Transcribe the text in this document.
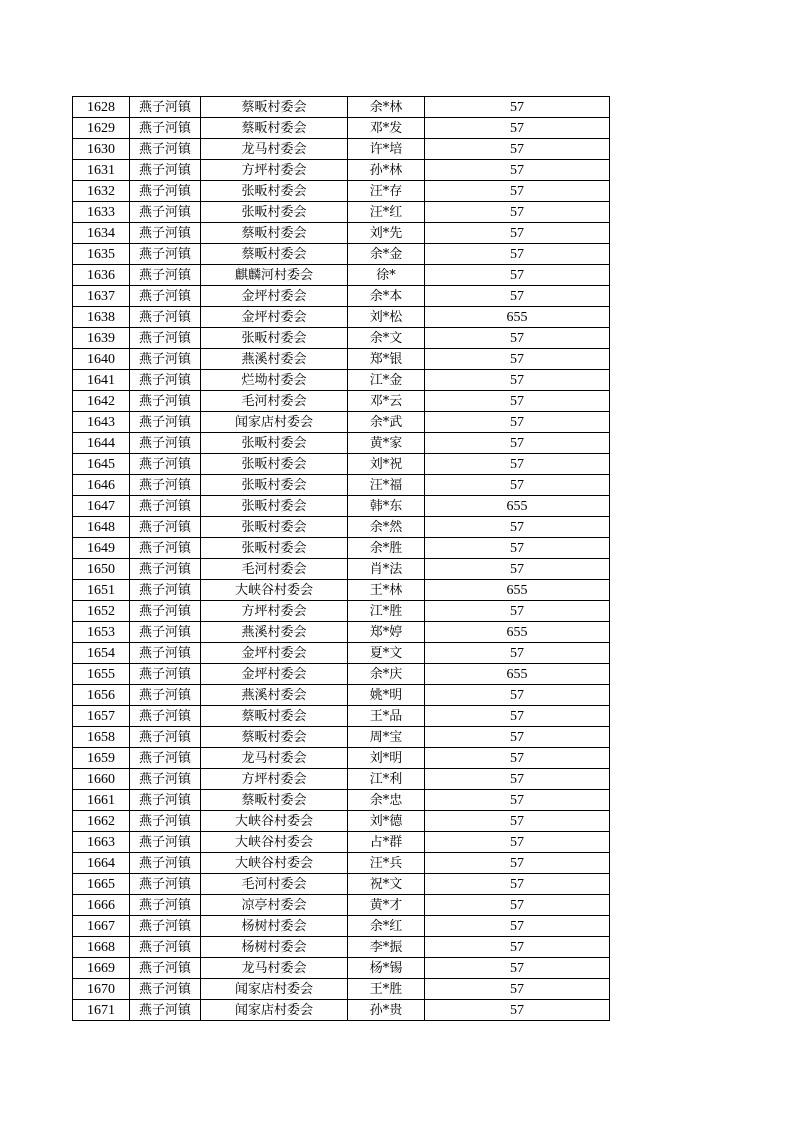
1628	燕子河镇	蔡畈村委会	余*林	57
1629	燕子河镇	蔡畈村委会	邓*发	57
1630	燕子河镇	龙马村委会	许*培	57
1631	燕子河镇	方坪村委会	孙*林	57
1632	燕子河镇	张畈村委会	汪*存	57
1633	燕子河镇	张畈村委会	汪*红	57
1634	燕子河镇	蔡畈村委会	刘*先	57
1635	燕子河镇	蔡畈村委会	余*金	57
1636	燕子河镇	麒麟河村委会	徐*	57
1637	燕子河镇	金坪村委会	余*本	57
1638	燕子河镇	金坪村委会	刘*松	655
1639	燕子河镇	张畈村委会	余*文	57
1640	燕子河镇	燕溪村委会	郑*银	57
1641	燕子河镇	烂坳村委会	江*金	57
1642	燕子河镇	毛河村委会	邓*云	57
1643	燕子河镇	闻家店村委会	余*武	57
1644	燕子河镇	张畈村委会	黄*家	57
1645	燕子河镇	张畈村委会	刘*祝	57
1646	燕子河镇	张畈村委会	汪*福	57
1647	燕子河镇	张畈村委会	韩*东	655
1648	燕子河镇	张畈村委会	余*然	57
1649	燕子河镇	张畈村委会	余*胜	57
1650	燕子河镇	毛河村委会	肖*法	57
1651	燕子河镇	大峡谷村委会	王*林	655
1652	燕子河镇	方坪村委会	江*胜	57
1653	燕子河镇	燕溪村委会	郑*婷	655
1654	燕子河镇	金坪村委会	夏*文	57
1655	燕子河镇	金坪村委会	余*庆	655
1656	燕子河镇	燕溪村委会	姚*明	57
1657	燕子河镇	蔡畈村委会	王*品	57
1658	燕子河镇	蔡畈村委会	周*宝	57
1659	燕子河镇	龙马村委会	刘*明	57
1660	燕子河镇	方坪村委会	江*利	57
1661	燕子河镇	蔡畈村委会	余*忠	57
1662	燕子河镇	大峡谷村委会	刘*德	57
1663	燕子河镇	大峡谷村委会	占*群	57
1664	燕子河镇	大峡谷村委会	汪*兵	57
1665	燕子河镇	毛河村委会	祝*文	57
1666	燕子河镇	凉亭村委会	黄*才	57
1667	燕子河镇	杨树村委会	余*红	57
1668	燕子河镇	杨树村委会	李*振	57
1669	燕子河镇	龙马村委会	杨*锡	57
1670	燕子河镇	闻家店村委会	王*胜	57
1671	燕子河镇	闻家店村委会	孙*贵	57
